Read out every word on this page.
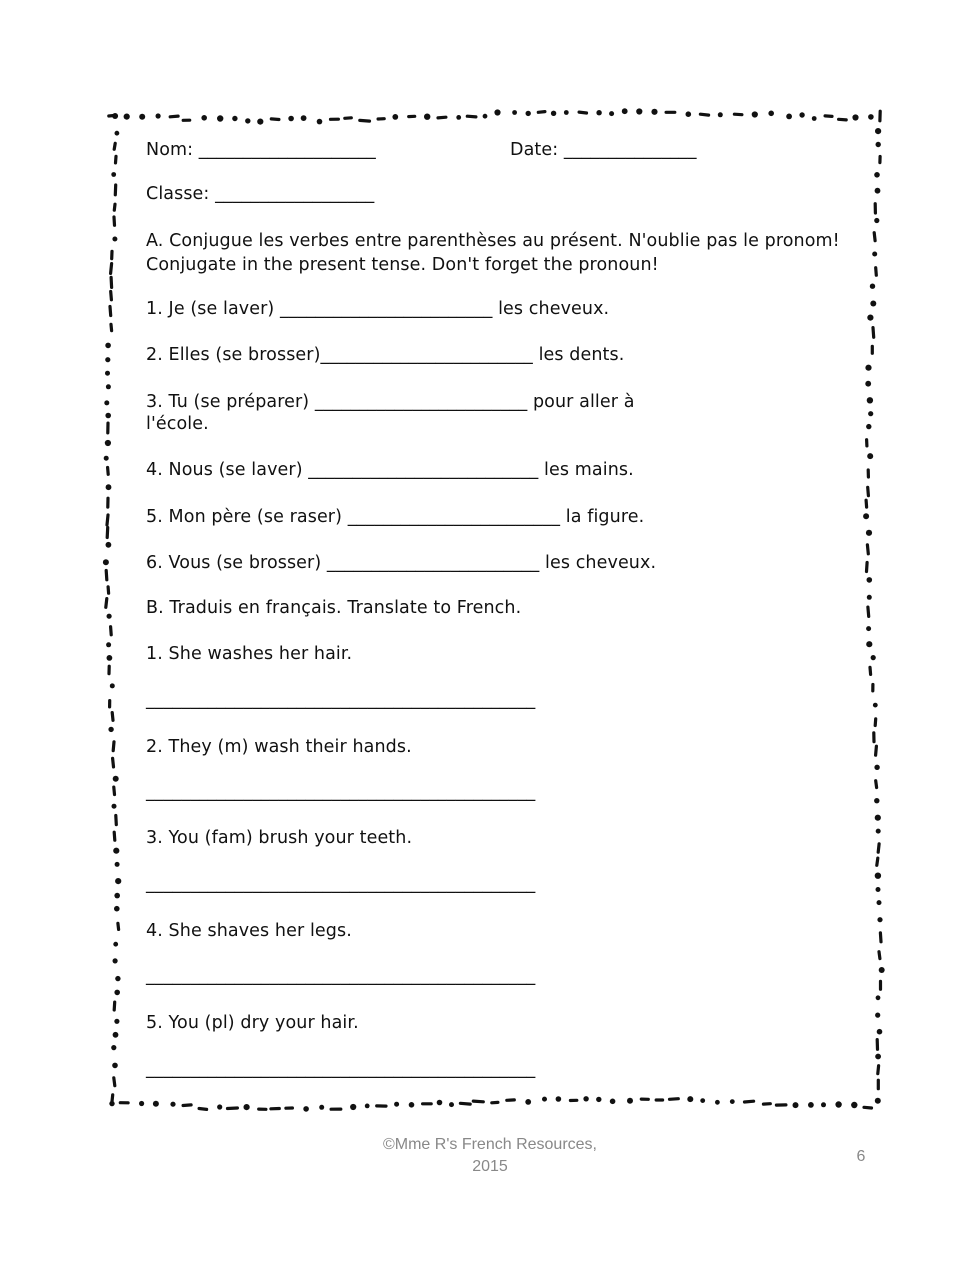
Nom: ____________________	Date: _______________
Classe: __________________
A. Conjugue les verbes entre parenthèses au présent. N'oublie pas le pronom!
Conjugate in the present tense. Don't forget the pronoun!
1. Je (se laver) ________________________ les cheveux.
2. Elles (se brosser)________________________ les dents.
3. Tu (se préparer) ________________________ pour aller à
l'école.
4. Nous (se laver) __________________________ les mains.
5. Mon père (se raser) ________________________ la figure.
6. Vous (se brosser) ________________________ les cheveux.
B. Traduis en français. Translate to French.
1. She washes her hair.
____________________________________________
2. They (m) wash their hands.
____________________________________________
3. You (fam) brush your teeth.
____________________________________________
4. She shaves her legs.
____________________________________________
5. You (pl) dry your hair.
____________________________________________
©Mme R's French Resources,
2015
6
